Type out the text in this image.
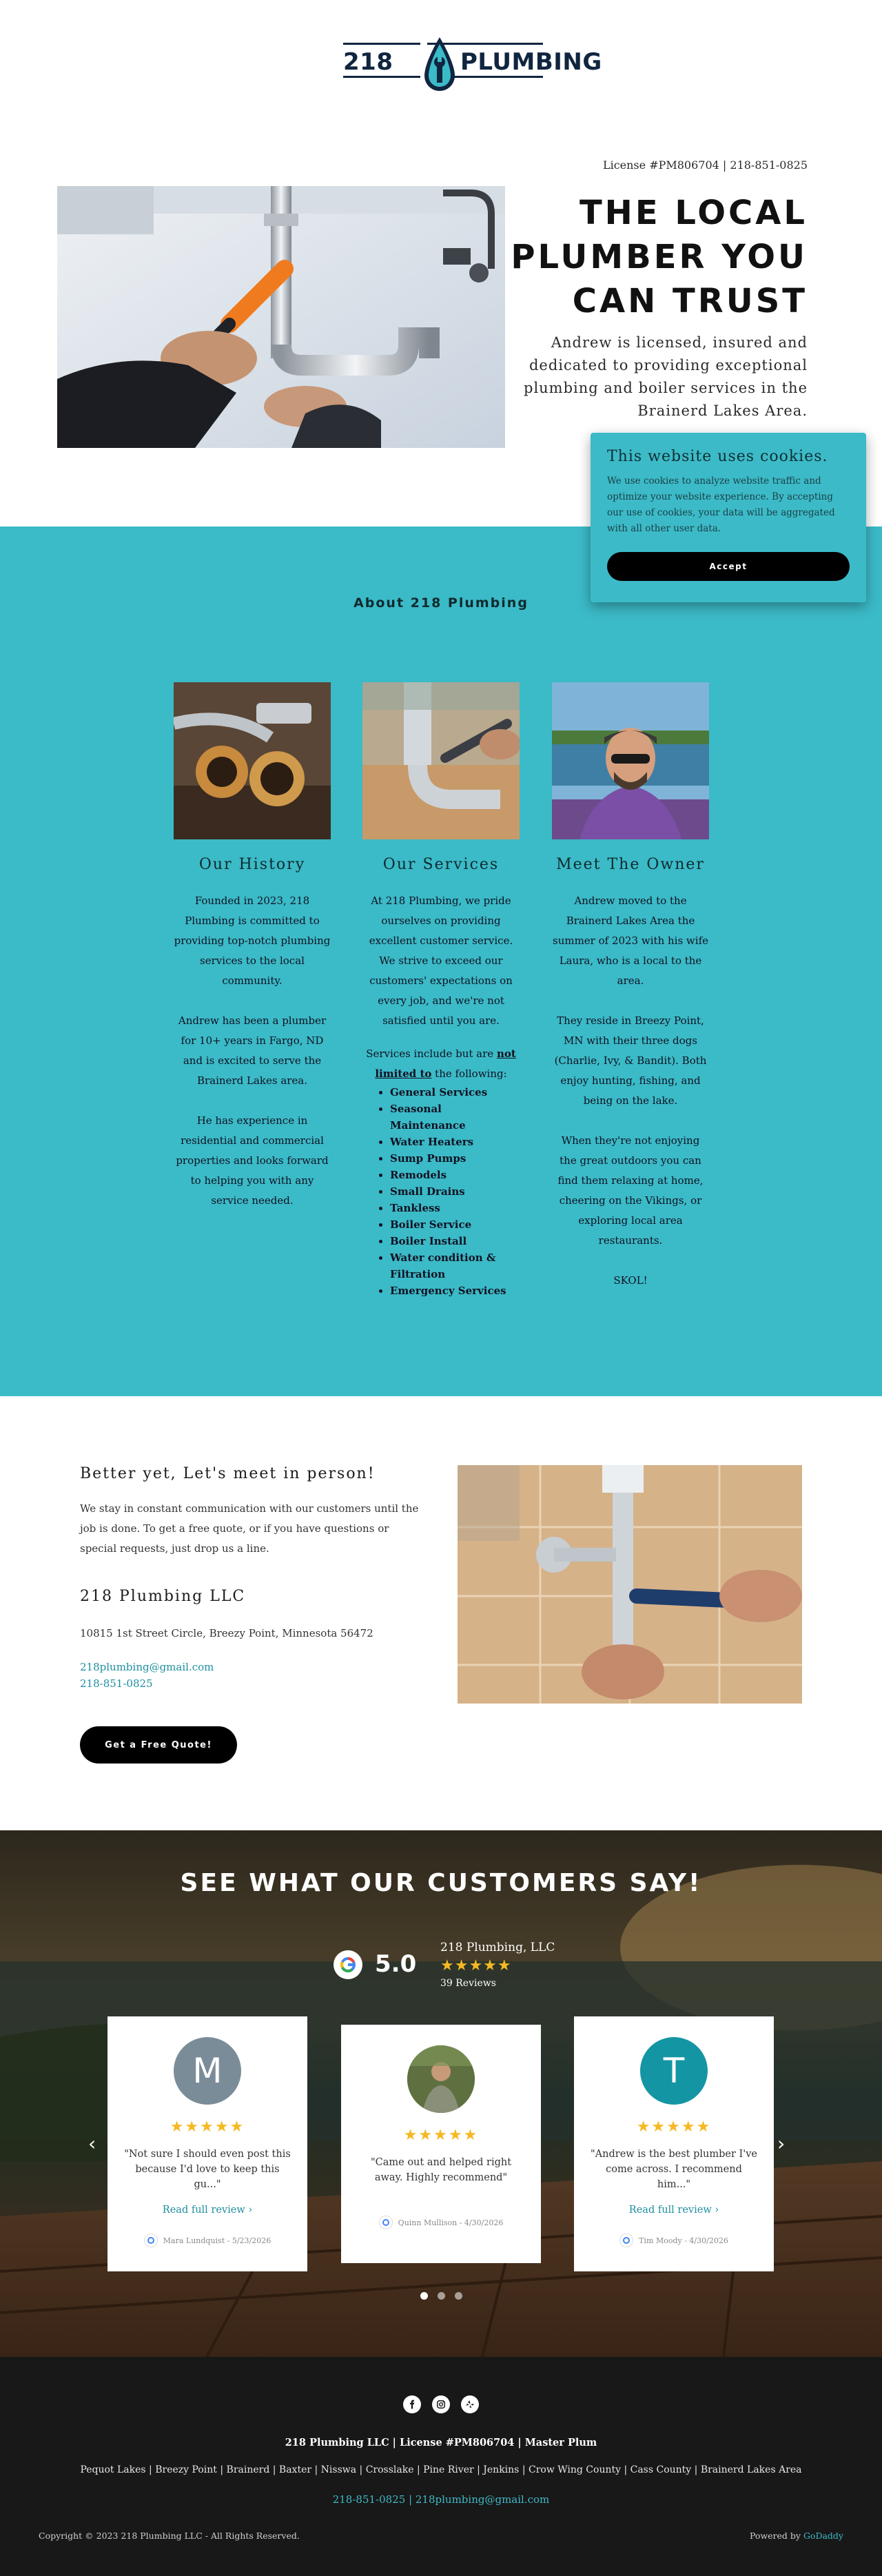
218	PLUMBING
License #PM806704 | 218-851-0825
THE LOCAL
PLUMBER YOU
CAN TRUST
Andrew is licensed, insured and dedicated to providing exceptional plumbing and boiler services in the Brainerd Lakes Area.
This website uses cookies.
We use cookies to analyze website traffic and optimize your website experience. By accepting our use of cookies, your data will be aggregated with all other user data.
Accept
About 218 Plumbing
Our History

Founded in 2023, 218 Plumbing is committed to providing top-notch plumbing services to the local community.

Andrew has been a plumber for 10+ years in Fargo, ND and is excited to serve the Brainerd Lakes area.

He has experience in residential and commercial properties and looks forward to helping you with any service needed.

Our Services

At 218 Plumbing, we pride ourselves on providing excellent customer service. We strive to exceed our customers' expectations on every job, and we're not satisfied until you are.

Services include but are not limited to the following:
• General Services
• Seasonal Maintenance
• Water Heaters
• Sump Pumps
• Remodels
• Small Drains
• Tankless
• Boiler Service
• Boiler Install
• Water condition & Filtration
• Emergency Services
Meet The Owner

Andrew moved to the Brainerd Lakes Area the summer of 2023 with his wife Laura, who is a local to the area.

They reside in Breezy Point, MN with their three dogs (Charlie, Ivy, & Bandit). Both enjoy hunting, fishing, and being on the lake.

When they're not enjoying the great outdoors you can find them relaxing at home, cheering on the Vikings, or exploring local area restaurants.

SKOL!

Better yet, Let's meet in person!
We stay in constant communication with our customers until the job is done. To get a free quote, or if you have questions or special requests, just drop us a line.
218 Plumbing LLC
10815 1st Street Circle, Breezy Point, Minnesota 56472
218plumbing@gmail.com
218-851-0825
Get a Free Quote!
SEE WHAT OUR CUSTOMERS SAY!
5.0
218 Plumbing, LLC
★★★★★
39 Reviews
‹	›
M
★★★★★
"Not sure I should even post this because I'd love to keep this gu..."
Read full review ›
Mara Lundquist - 5/23/2026
★★★★★
"Came out and helped right away. Highly recommend"
Quinn Mullison - 4/30/2026
T
★★★★★
"Andrew is the best plumber I've come across. I recommend him..."
Read full review ›
Tim Moody - 4/30/2026
218 Plumbing LLC | License #PM806704 | Master Plum
Pequot Lakes | Breezy Point | Brainerd | Baxter | Nisswa | Crosslake | Pine River | Jenkins | Crow Wing County | Cass County | Brainerd Lakes Area
218-851-0825 | 218plumbing@gmail.com
Copyright © 2023 218 Plumbing LLC - All Rights Reserved.	Powered by GoDaddy
